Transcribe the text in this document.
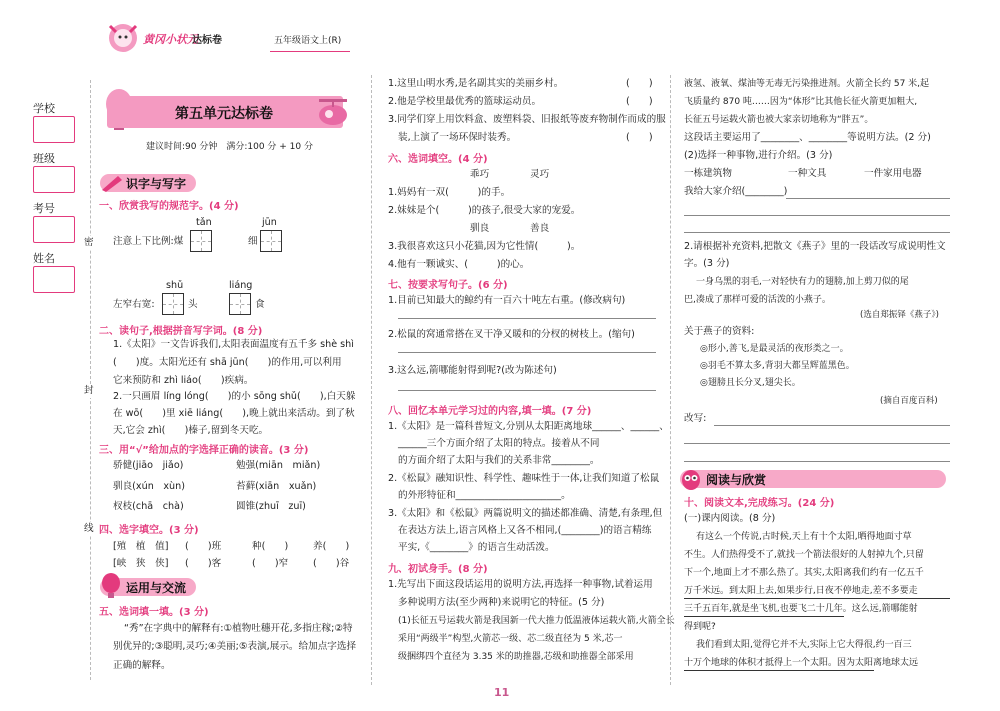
黄冈小状元
达标卷	五年级语文上(R)
学校
班级
考号
姓名
密
封
线
第五单元达标卷
建议时间:90 分钟　满分:100 分 + 10 分
识字与写字
一、欣赏我写的规范字。(4 分)
tǎn	jūn
注意上下比例:煤	细
shǔ	liáng
左窄右宽:	头	食
二、读句子,根据拼音写字词。(8 分)
1.《太阳》一文告诉我们,太阳表面温度有五千多 shè shì
(　　)度。太阳光还有 shā jūn(　　)的作用,可以利用
它来预防和 zhì liáo(　　)疾病。
2.一只画眉 líng lóng(　　)的小 sōng shǔ(　　),白天躲
在 wō(　　)里 xiē liáng(　　),晚上就出来活动。到了秋
天,它会 zhì(　　)榛子,留到冬天吃。
三、用“√”给加点的字选择正确的读音。(3 分)
骄健(jiāo　jiǎo)	勉强(miān　miǎn)
驯良(xún　xùn)	苔藓(xiān　xuǎn)
杈枝(chā　chà)	圆锥(zhuī　zuī)
四、选字填空。(3 分)
[殖　植　值] (　　)班	种(　　)	养(　　)
[峡　狭　侠] (　　)客	(　　)窄	(　　)谷
运用与交流
五、选词填一填。(3 分)
“秀”在字典中的解释有:①植物吐穗开花,多指庄稼;②特
别优异的;③聪明,灵巧;④美丽;⑤表演,展示。给加点字选择
正确的解释。
1.这里山明水秀,是名副其实的美丽乡村。	(　　)
2.他是学校里最优秀的篮球运动员。	(　　)
3.同学们穿上用饮料盒、废塑料袋、旧报纸等废弃物制作而成的服
装,上演了一场环保时装秀。	(　　)
六、选词填空。(4 分)
乖巧	灵巧
1.妈妈有一双(　　　)的手。
2.妹妹是个(　　　)的孩子,很受大家的宠爱。
驯良	善良
3.我很喜欢这只小花猫,因为它性情(　　　)。
4.他有一颗诚实、(　　　)的心。
七、按要求写句子。(6 分)
1.目前已知最大的鲸约有一百六十吨左右重。(修改病句)
2.松鼠的窝通常搭在叉干净又暖和的分杈的树枝上。(缩句)
3.这么远,箭哪能射得到呢?(改为陈述句)
八、回忆本单元学习过的内容,填一填。(7 分)
1.《太阳》是一篇科普短文,分别从太阳距离地球______、______、
______三个方面介绍了太阳的特点。接着从不同
的方面介绍了太阳与我们的关系非常________。
2.《松鼠》融知识性、科学性、趣味性于一体,让我们知道了松鼠
的外形特征和______________________。
3.《太阳》和《松鼠》两篇说明文的描述都准确、清楚,有条理,但
在表达方法上,语言风格上又各不相同,(________)的语言精练
平实,《________》的语言生动活泼。
九、初试身手。(8 分)
1.先写出下面这段话运用的说明方法,再选择一种事物,试着运用
多种说明方法(至少两种)来说明它的特征。(5 分)
(1)长征五号运载火箭是我国新一代大推力低温液体运载火箭,火箭全长
采用“两级半”构型,火箭芯一级、芯二级直径为 5 米,芯一
级捆绑四个直径为 3.35 米的助推器,芯级和助推器全部采用
液氢、液氧、煤油等无毒无污染推进剂。火箭全长约 57 米,起
飞质量约 870 吨……因为“体形”比其他长征火箭更加粗大,
长征五号运载火箭也被大家亲切地称为“胖五”。
这段话主要运用了________、________等说明方法。(2 分)
(2)选择一种事物,进行介绍。(3 分)
一栋建筑物	一种文具	一件家用电器
我给大家介绍(________)
2.请根据补充资料,把散文《燕子》里的一段话改写成说明性文
字。(3 分)
一身乌黑的羽毛,一对轻快有力的翅膀,加上剪刀似的尾
巴,凑成了那样可爱的活泼的小燕子。
(选自郑振铎《燕子》)
关于燕子的资料:
◎形小,善飞,是最灵活的夜形类之一。
◎羽毛不算太多,背羽大都呈辉蓝黑色。
◎翅膀且长分叉,翅尖长。
(摘自百度百科)
改写:
阅读与欣赏
十、阅读文本,完成练习。(24 分)
(一)课内阅读。(8 分)
有这么一个传说,古时候,天上有十个太阳,晒得地面寸草
不生。人们热得受不了,就找一个箭法很好的人射掉九个,只留
下一个,地面上才不那么热了。其实,太阳离我们约有一亿五千
万千米远。到太阳上去,如果步行,日夜不停地走,差不多要走
三千五百年,就是坐飞机,也要飞二十几年。这么远,箭哪能射
得到呢?
我们看到太阳,觉得它并不大,实际上它大得很,约一百三
十万个地球的体积才抵得上一个太阳。因为太阳离地球太远
11
